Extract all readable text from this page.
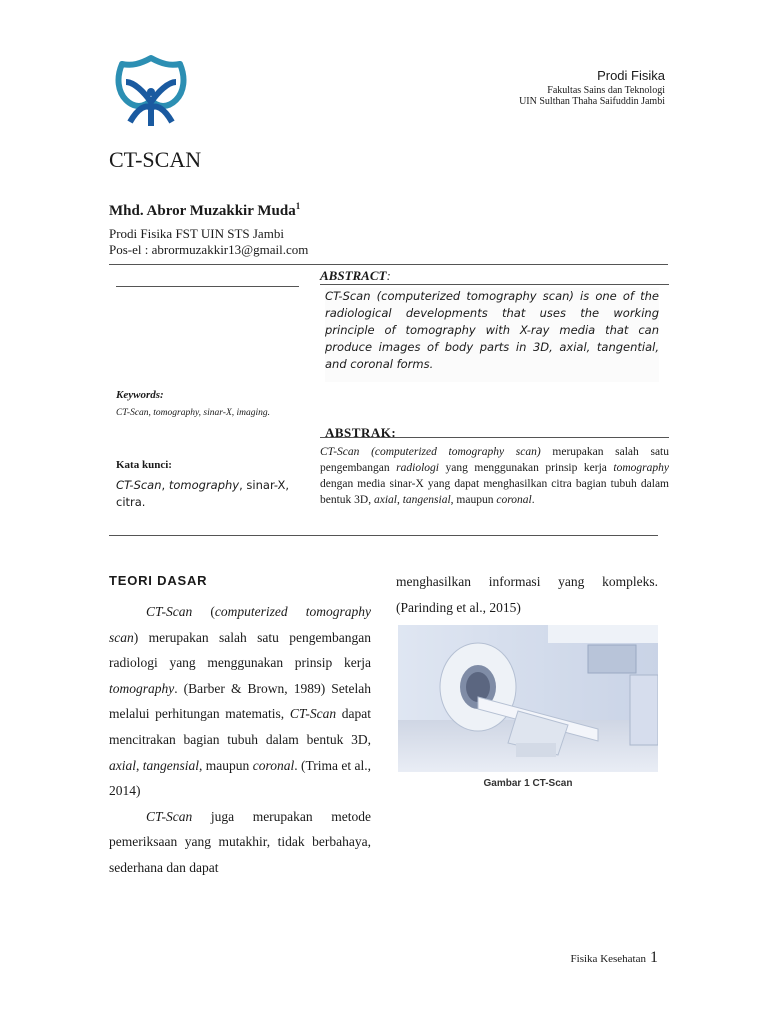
Prodi Fisika
Fakultas Sains dan Teknologi
UIN Sulthan Thaha Saifuddin Jambi
CT-SCAN
Mhd. Abror Muzakkir Muda$^1$
Prodi Fisika FST UIN STS Jambi
Pos-el : abrormuzakkir13@gmail.com
ABSTRACT:
CT-Scan (computerized tomography scan) is one of the radiological developments that uses the working principle of tomography with X-ray media that can produce images of body parts in 3D, axial, tangential, and coronal forms.
Keywords:
CT-Scan, tomography, sinar-X, imaging.
ABSTRAK:
CT-Scan (computerized tomography scan) merupakan salah satu pengembangan radiologi yang menggunakan prinsip kerja tomography dengan media sinar-X yang dapat menghasilkan citra bagian tubuh dalam bentuk 3D, axial, tangensial, maupun coronal.
Kata kunci:
CT-Scan, tomography, sinar-X, citra.
TEORI DASAR

CT-Scan (computerized tomography scan) merupakan salah satu pengembangan radiologi yang menggunakan prinsip kerja tomography. (Barber & Brown, 1989) Setelah melalui perhitungan matematis, CT-Scan dapat mencitrakan bagian tubuh dalam bentuk 3D, axial, tangensial, maupun coronal. (Trima et al., 2014)

CT-Scan juga merupakan metode pemeriksaan yang mutakhir, tidak berbahaya, sederhana dan dapat

menghasilkan informasi yang kompleks. (Parinding et al., 2015)
Gambar 1 CT-Scan
Fisika Kesehatan 1
